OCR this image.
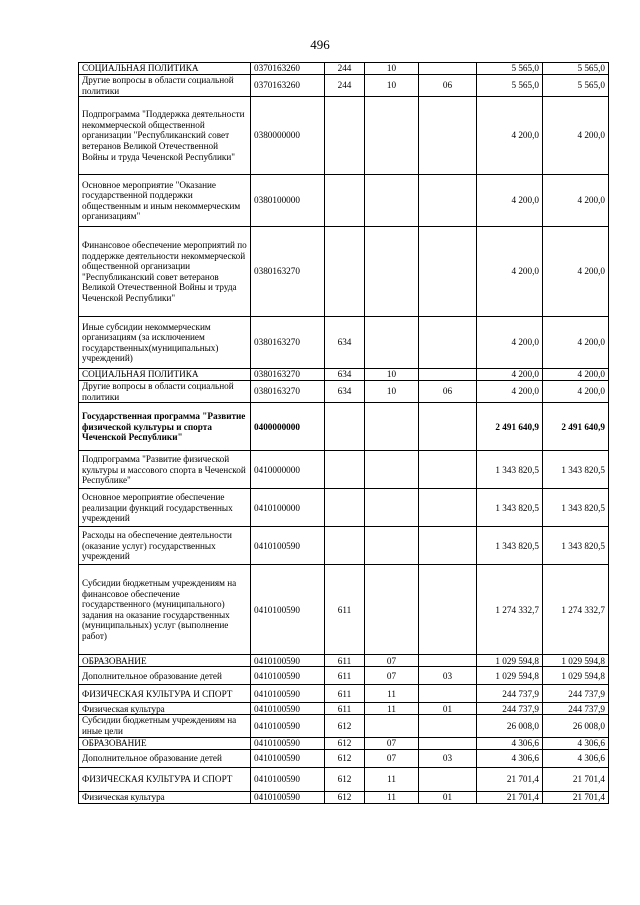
496
СОЦИАЛЬНАЯ ПОЛИТИКА	0370163260	244	10		5 565,0	5 565,0
Другие вопросы в области социальной политики	0370163260	244	10	06	5 565,0	5 565,0
Подпрограмма "Поддержка деятельности некоммерческой общественной организации "Республиканский совет ветеранов Великой Отечественной Войны и труда Чеченской Республики"	0380000000				4 200,0	4 200,0
Основное мероприятие "Оказание государственной поддержки общественным и иным некоммерческим организациям"	0380100000				4 200,0	4 200,0
Финансовое обеспечение мероприятий по поддержке деятельности некоммерческой общественной организации "Республиканский совет ветеранов Великой Отечественной Войны и труда Чеченской Республики"	0380163270				4 200,0	4 200,0
Иные субсидии некоммерческим организациям (за исключением государственных(муниципальных) учреждений)	0380163270	634			4 200,0	4 200,0
СОЦИАЛЬНАЯ ПОЛИТИКА	0380163270	634	10		4 200,0	4 200,0
Другие вопросы в области социальной политики	0380163270	634	10	06	4 200,0	4 200,0
Государственная программа "Развитие физической культуры и спорта Чеченской Республики"	0400000000				2 491 640,9	2 491 640,9
Подпрограмма "Развитие физической культуры и массового спорта в Чеченской Республике"	0410000000				1 343 820,5	1 343 820,5
Основное мероприятие обеспечение реализации функций государственных учреждений	0410100000				1 343 820,5	1 343 820,5
Расходы на обеспечение деятельности (оказание услуг) государственных учреждений	0410100590				1 343 820,5	1 343 820,5
Субсидии бюджетным учреждениям на финансовое обеспечение государственного (муниципального) задания на оказание государственных (муниципальных) услуг (выполнение работ)	0410100590	611			1 274 332,7	1 274 332,7
ОБРАЗОВАНИЕ	0410100590	611	07		1 029 594,8	1 029 594,8
Дополнительное образование детей	0410100590	611	07	03	1 029 594,8	1 029 594,8
ФИЗИЧЕСКАЯ КУЛЬТУРА И СПОРТ	0410100590	611	11		244 737,9	244 737,9
Физическая культура	0410100590	611	11	01	244 737,9	244 737,9
Субсидии бюджетным учреждениям на иные цели	0410100590	612			26 008,0	26 008,0
ОБРАЗОВАНИЕ	0410100590	612	07		4 306,6	4 306,6
Дополнительное образование детей	0410100590	612	07	03	4 306,6	4 306,6
ФИЗИЧЕСКАЯ КУЛЬТУРА И СПОРТ	0410100590	612	11		21 701,4	21 701,4
Физическая культура	0410100590	612	11	01	21 701,4	21 701,4
